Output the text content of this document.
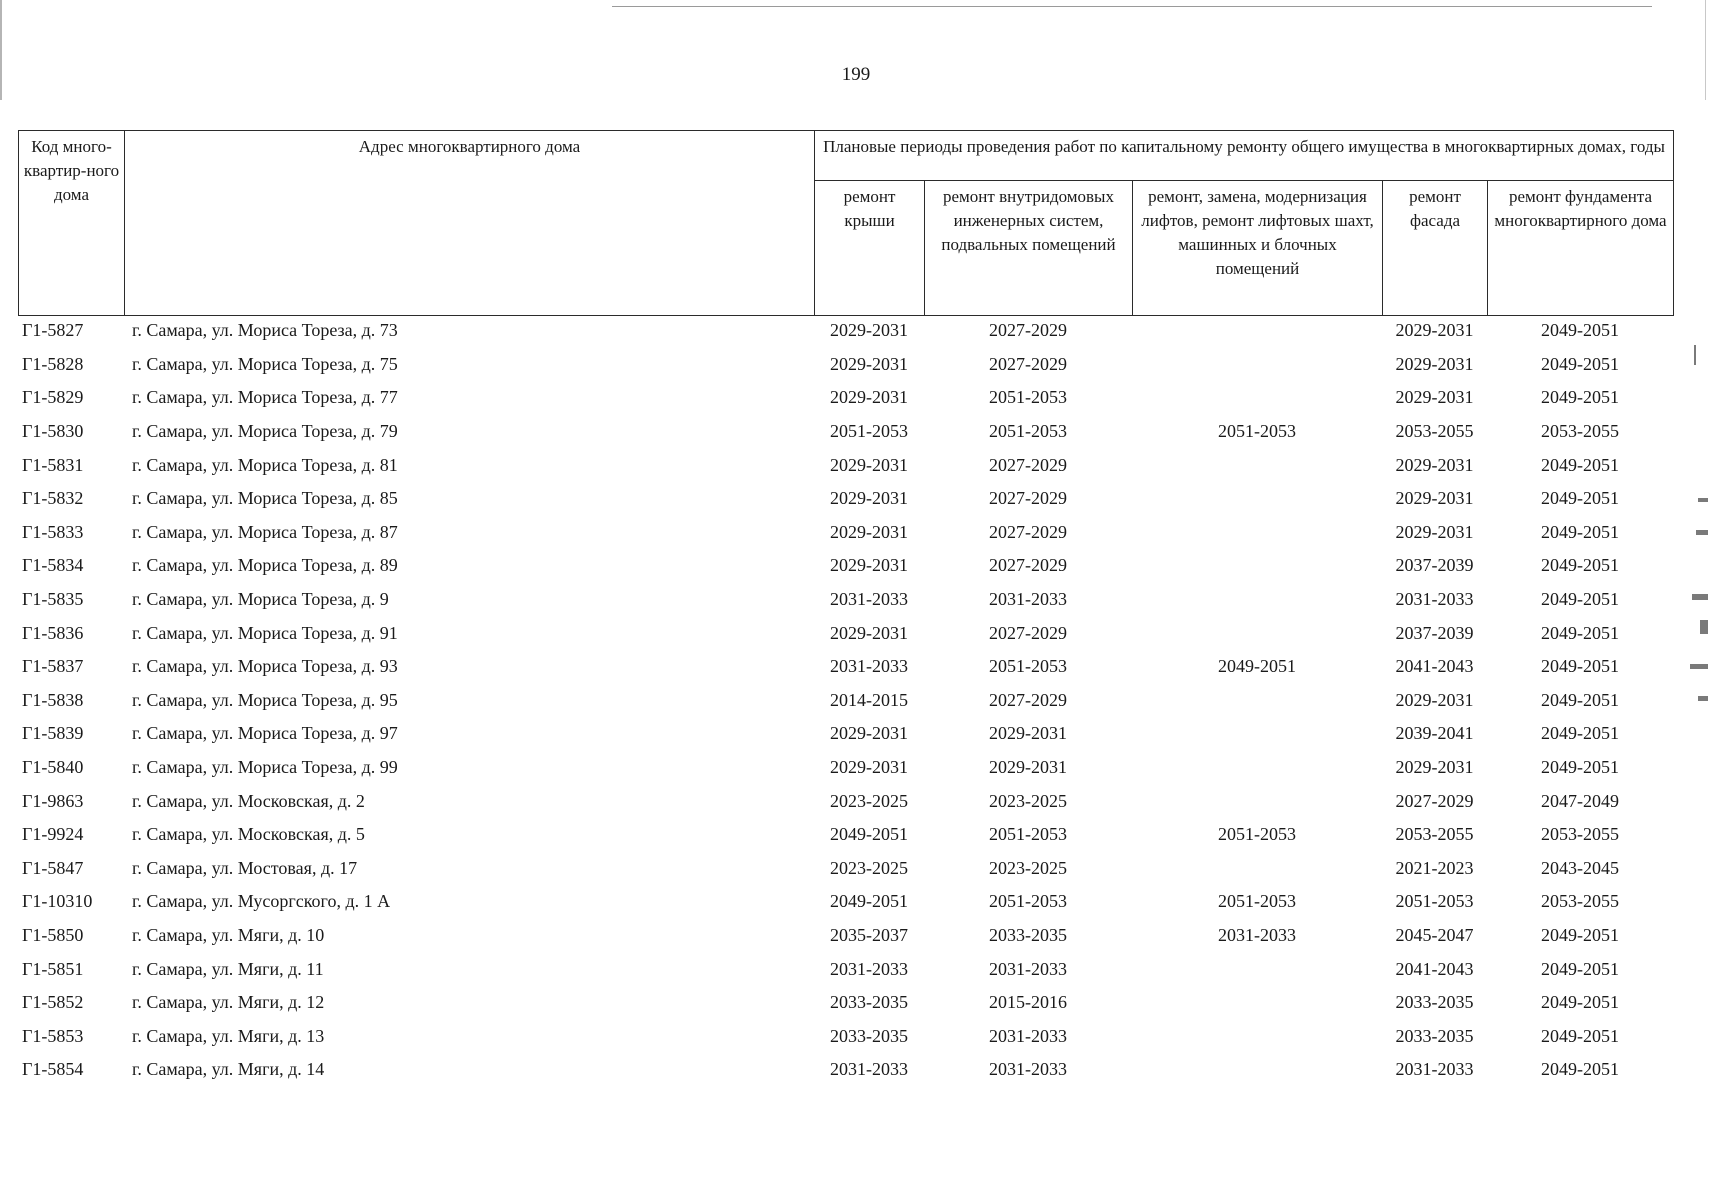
199
Код много-квартир-ного дома	Адрес многоквартирного дома	Плановые периоды проведения работ по капитальному ремонту общего имущества в многоквартирных домах, годы				
		ремонт крыши	ремонт внутридомовых инженерных систем, подвальных помещений	ремонт, замена, модернизация лифтов, ремонт лифтовых шахт, машинных и блочных помещений	ремонт фасада	ремонт фундамента многоквартирного дома
Г1-5827	г. Самара, ул. Мориса Тореза, д. 73	2029-2031	2027-2029		2029-2031	2049-2051
Г1-5828	г. Самара, ул. Мориса Тореза, д. 75	2029-2031	2027-2029		2029-2031	2049-2051
Г1-5829	г. Самара, ул. Мориса Тореза, д. 77	2029-2031	2051-2053		2029-2031	2049-2051
Г1-5830	г. Самара, ул. Мориса Тореза, д. 79	2051-2053	2051-2053	2051-2053	2053-2055	2053-2055
Г1-5831	г. Самара, ул. Мориса Тореза, д. 81	2029-2031	2027-2029		2029-2031	2049-2051
Г1-5832	г. Самара, ул. Мориса Тореза, д. 85	2029-2031	2027-2029		2029-2031	2049-2051
Г1-5833	г. Самара, ул. Мориса Тореза, д. 87	2029-2031	2027-2029		2029-2031	2049-2051
Г1-5834	г. Самара, ул. Мориса Тореза, д. 89	2029-2031	2027-2029		2037-2039	2049-2051
Г1-5835	г. Самара, ул. Мориса Тореза, д. 9	2031-2033	2031-2033		2031-2033	2049-2051
Г1-5836	г. Самара, ул. Мориса Тореза, д. 91	2029-2031	2027-2029		2037-2039	2049-2051
Г1-5837	г. Самара, ул. Мориса Тореза, д. 93	2031-2033	2051-2053	2049-2051	2041-2043	2049-2051
Г1-5838	г. Самара, ул. Мориса Тореза, д. 95	2014-2015	2027-2029		2029-2031	2049-2051
Г1-5839	г. Самара, ул. Мориса Тореза, д. 97	2029-2031	2029-2031		2039-2041	2049-2051
Г1-5840	г. Самара, ул. Мориса Тореза, д. 99	2029-2031	2029-2031		2029-2031	2049-2051
Г1-9863	г. Самара, ул. Московская, д. 2	2023-2025	2023-2025		2027-2029	2047-2049
Г1-9924	г. Самара, ул. Московская, д. 5	2049-2051	2051-2053	2051-2053	2053-2055	2053-2055
Г1-5847	г. Самара, ул. Мостовая, д. 17	2023-2025	2023-2025		2021-2023	2043-2045
Г1-10310	г. Самара, ул. Мусоргского, д. 1 А	2049-2051	2051-2053	2051-2053	2051-2053	2053-2055
Г1-5850	г. Самара, ул. Мяги, д. 10	2035-2037	2033-2035	2031-2033	2045-2047	2049-2051
Г1-5851	г. Самара, ул. Мяги, д. 11	2031-2033	2031-2033		2041-2043	2049-2051
Г1-5852	г. Самара, ул. Мяги, д. 12	2033-2035	2015-2016		2033-2035	2049-2051
Г1-5853	г. Самара, ул. Мяги, д. 13	2033-2035	2031-2033		2033-2035	2049-2051
Г1-5854	г. Самара, ул. Мяги, д. 14	2031-2033	2031-2033		2031-2033	2049-2051
